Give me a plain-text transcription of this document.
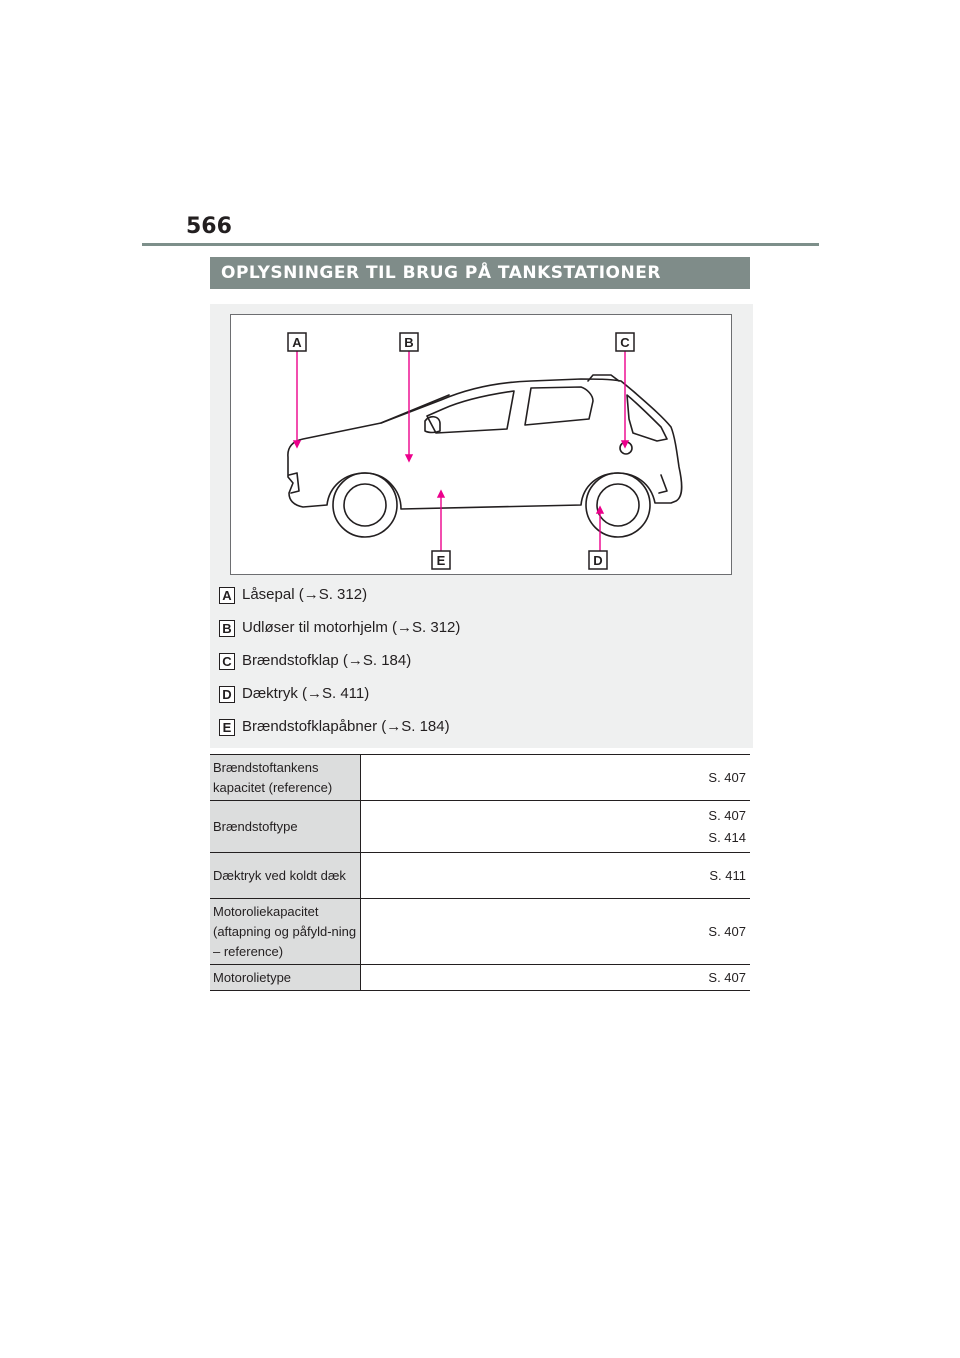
566
OPLYSNINGER TIL BRUG PÅ TANKSTATIONER
A	B	C
E	D
A Låsepal (→S. 312)
B Udløser til motorhjelm (→S. 312)
C Brændstofklap (→S. 184)
D Dæktryk (→S. 411)
E Brændstofklapåbner (→S. 184)
Brændstoftankens kapacitet (reference)	S. 407

Brændstoftype	S. 407
S. 414

Dæktryk ved koldt dæk	S. 411

Motoroliekapacitet (aftapning og påfyld-ning – reference)	S. 407

Motorolietype	S. 407
